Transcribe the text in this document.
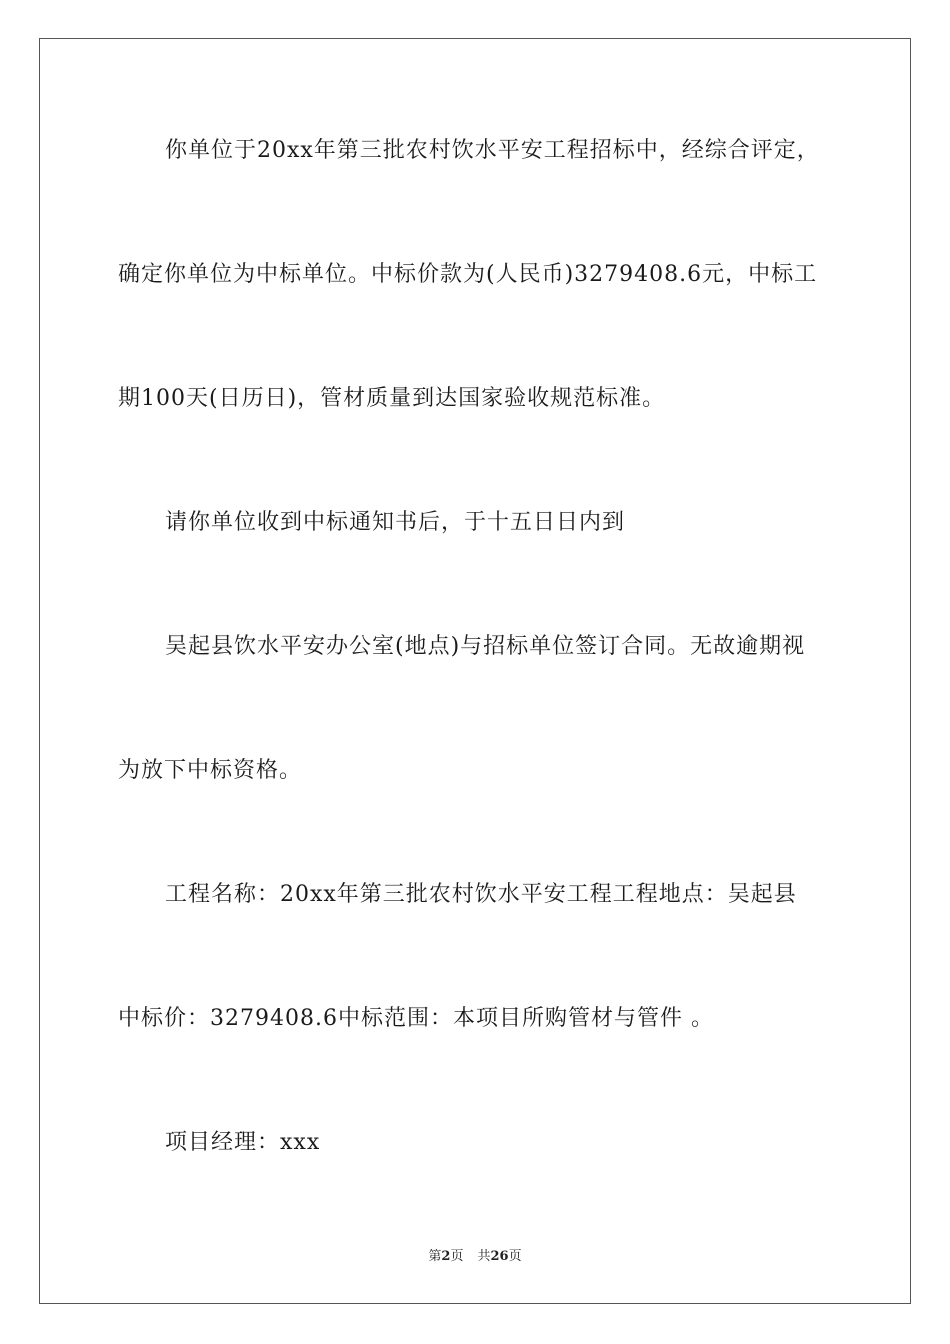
你单位于20xx年第三批农村饮水平安工程招标中，经综合评定，
确定你单位为中标单位。中标价款为(人民币)3279408.6元，中标工
期100天(日历日)，管材质量到达国家验收规范标准。
请你单位收到中标通知书后，于十五日日内到
吴起县饮水平安办公室(地点)与招标单位签订合同。无故逾期视
为放下中标资格。
工程名称：20xx年第三批农村饮水平安工程工程地点：吴起县
中标价：3279408.6中标范围：本项目所购管材与管件 。
项目经理：xxx
第2页 共26页
